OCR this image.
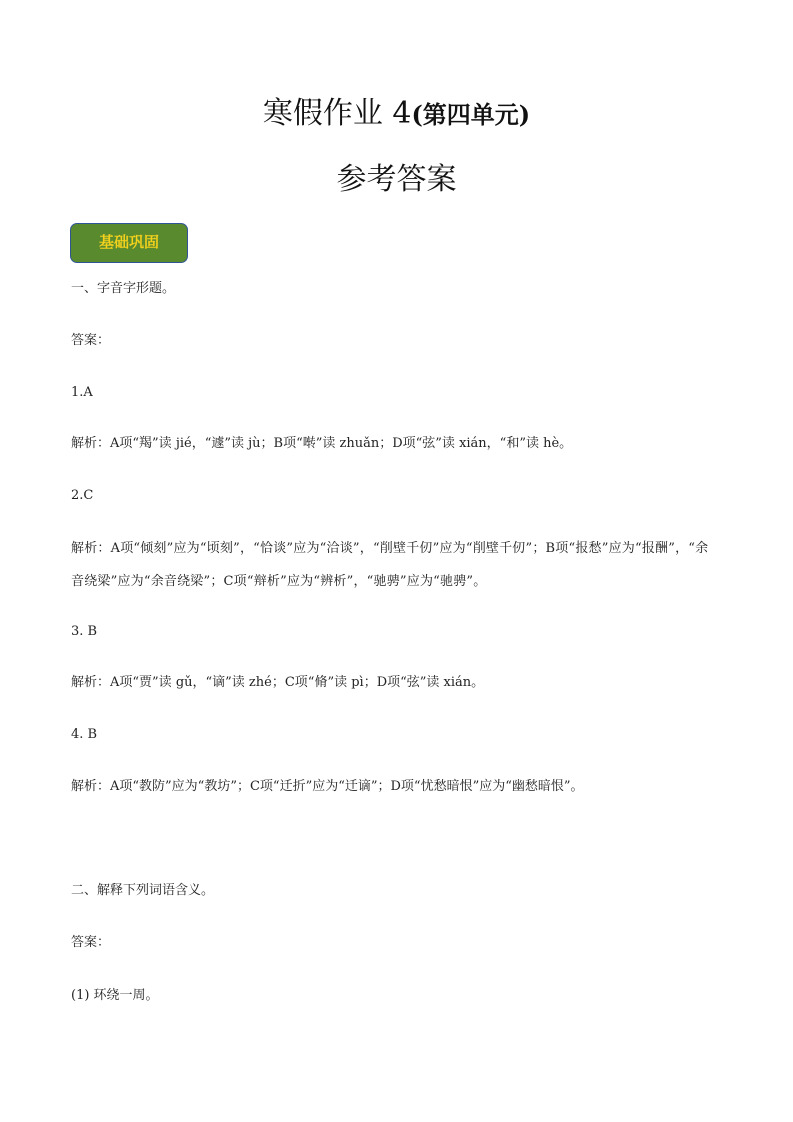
寒假作业 4(第四单元)
参考答案
基础巩固
一、字音字形题。
答案：
1.A
解析：A项“羯”读 jié，“遽”读 jù；B项“啭”读 zhuǎn；D项“弦”读 xián，“和”读 hè。
2.C
解析：A项“倾刻”应为“顷刻”，“恰谈”应为“洽谈”，“削壁千仞”应为“削壁千仞”；B项“报愁”应为“报酬”，“余音绕梁”应为“余音绕梁”；C项“辩析”应为“辨析”，“驰骋”应为“驰骋”。
3. B
解析：A项“贾”读 gǔ，“谪”读 zhé；C项“脩”读 pì；D项“弦”读 xián。
4. B
解析：A项“教防”应为“教坊”；C项“迁折”应为“迁谪”；D项“忧愁暗恨”应为“幽愁暗恨”。
二、解释下列词语含义。
答案：
(1) 环绕一周。
